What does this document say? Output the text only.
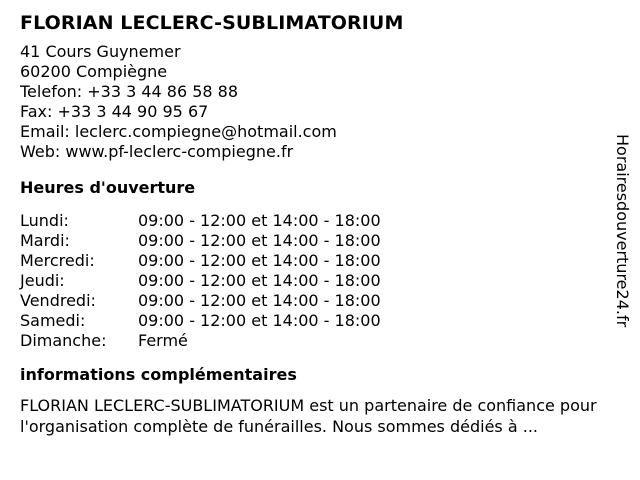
FLORIAN LECLERC-SUBLIMATORIUM
41 Cours Guynemer
60200 Compiègne
Telefon: +33 3 44 86 58 88
Fax: +33 3 44 90 95 67
Email: leclerc.compiegne@hotmail.com
Web: www.pf-leclerc-compiegne.fr
Heures d'ouverture
Lundi:	09:00 - 12:00 et 14:00 - 18:00
Mardi:	09:00 - 12:00 et 14:00 - 18:00
Mercredi:	09:00 - 12:00 et 14:00 - 18:00
Jeudi:	09:00 - 12:00 et 14:00 - 18:00
Vendredi:	09:00 - 12:00 et 14:00 - 18:00
Samedi:	09:00 - 12:00 et 14:00 - 18:00
Dimanche:	Fermé
informations complémentaires
FLORIAN LECLERC-SUBLIMATORIUM est un partenaire de confiance pour l'organisation complète de funérailles. Nous sommes dédiés à ...
Horairesdouverture24.fr
